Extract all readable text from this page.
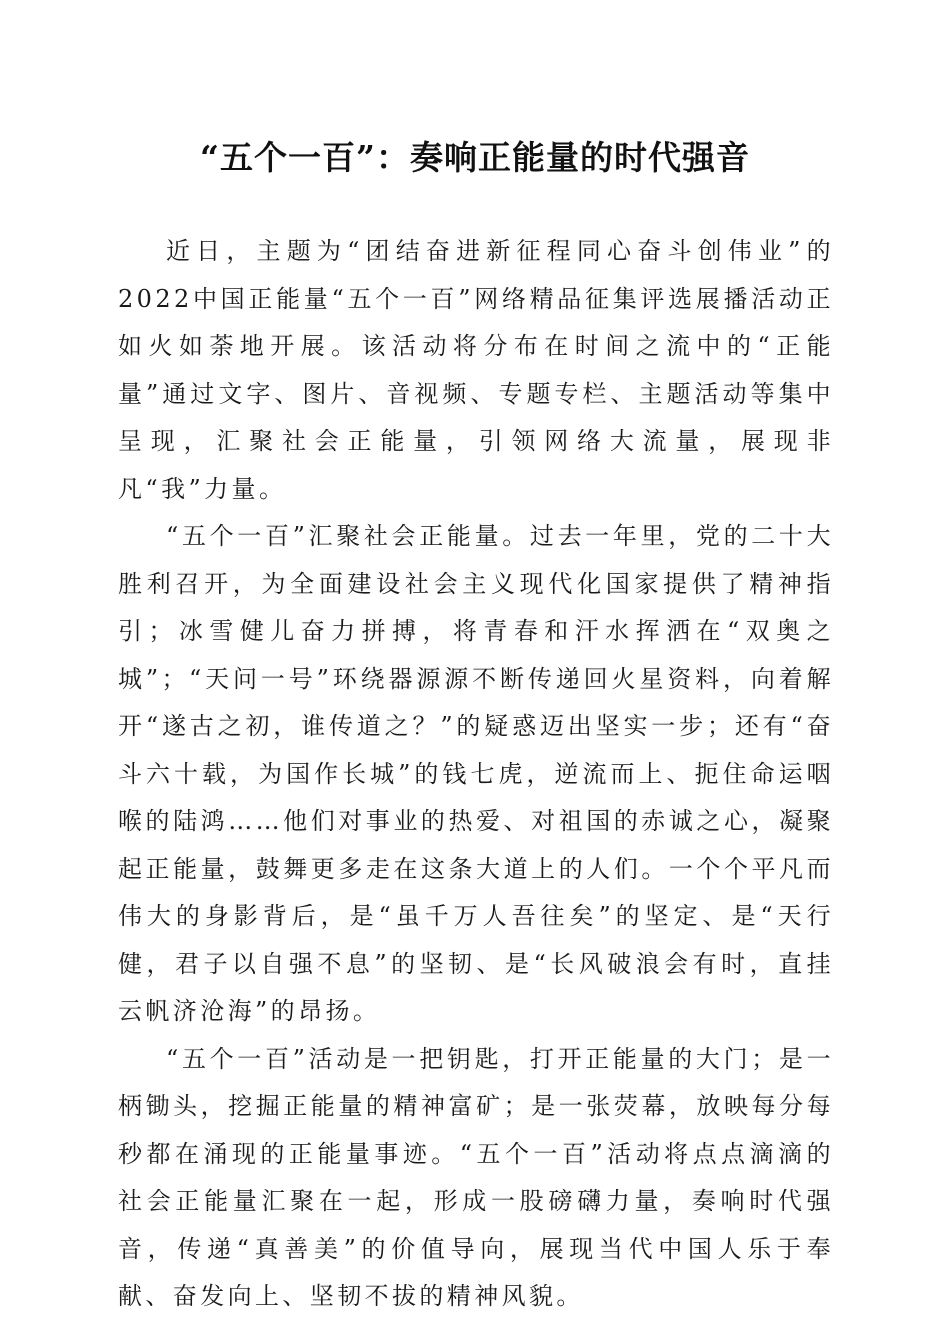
“五个一百”：奏响正能量的时代强音

近日，主题为“团结奋进新征程同心奋斗创伟业”的2022中国正能量“五个一百”网络精品征集评选展播活动正如火如荼地开展。该活动将分布在时间之流中的“正能量”通过文字、图片、音视频、专题专栏、主题活动等集中呈现，汇聚社会正能量，引领网络大流量，展现非凡“我”力量。

“五个一百”汇聚社会正能量。过去一年里，党的二十大胜利召开，为全面建设社会主义现代化国家提供了精神指引；冰雪健儿奋力拼搏，将青春和汗水挥洒在“双奥之城”；“天问一号”环绕器源源不断传递回火星资料，向着解开“遂古之初，谁传道之？”的疑惑迈出坚实一步；还有“奋斗六十载，为国作长城”的钱七虎，逆流而上、扼住命运咽喉的陆鸿……他们对事业的热爱、对祖国的赤诚之心，凝聚起正能量，鼓舞更多走在这条大道上的人们。一个个平凡而伟大的身影背后，是“虽千万人吾往矣”的坚定、是“天行健，君子以自强不息”的坚韧、是“长风破浪会有时，直挂云帆济沧海”的昂扬。

“五个一百”活动是一把钥匙，打开正能量的大门；是一柄锄头，挖掘正能量的精神富矿；是一张荧幕，放映每分每秒都在涌现的正能量事迹。“五个一百”活动将点点滴滴的社会正能量汇聚在一起，形成一股磅礴力量，奏响时代强音，传递“真善美”的价值导向，展现当代中国人乐于奉献、奋发向上、坚韧不拔的精神风貌。
